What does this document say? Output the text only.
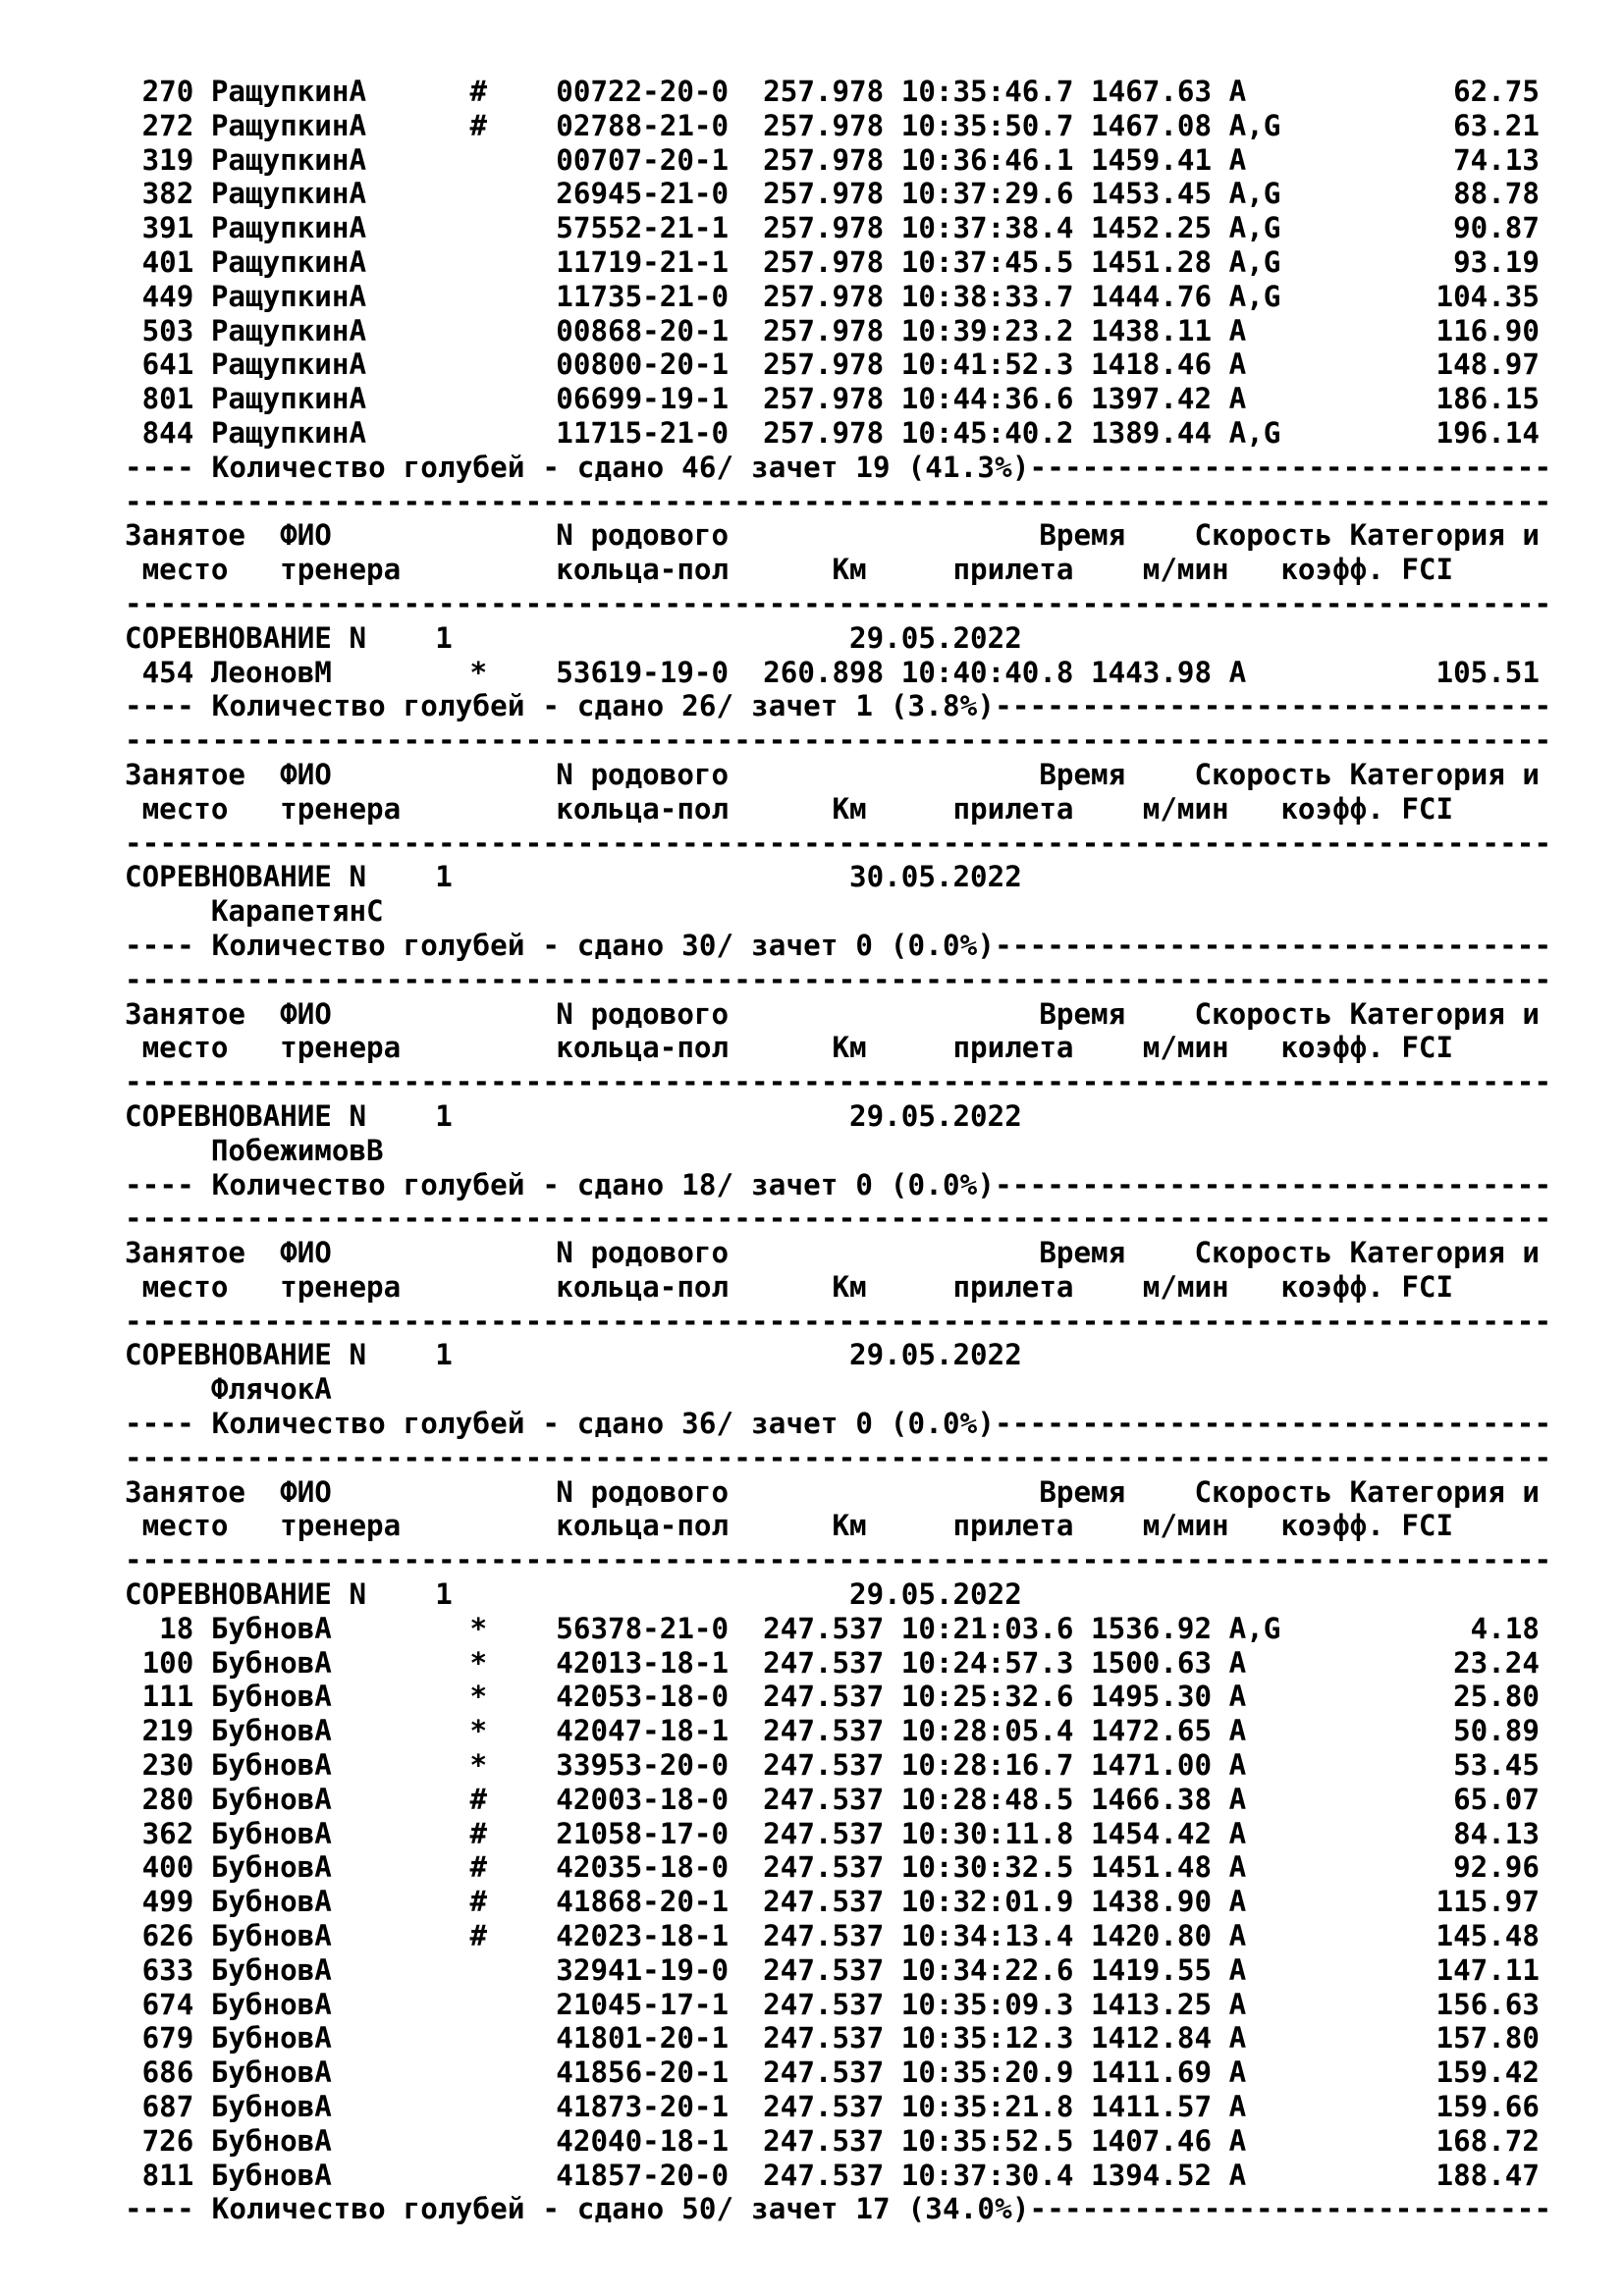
270 РащупкинА      #    00722-20-0  257.978 10:35:46.7 1467.63 A            62.75
272 РащупкинА      #    02788-21-0  257.978 10:35:50.7 1467.08 A,G          63.21
319 РащупкинА           00707-20-1  257.978 10:36:46.1 1459.41 A            74.13
382 РащупкинА           26945-21-0  257.978 10:37:29.6 1453.45 A,G          88.78
391 РащупкинА           57552-21-1  257.978 10:37:38.4 1452.25 A,G          90.87
401 РащупкинА           11719-21-1  257.978 10:37:45.5 1451.28 A,G          93.19
449 РащупкинА           11735-21-0  257.978 10:38:33.7 1444.76 A,G         104.35
503 РащупкинА           00868-20-1  257.978 10:39:23.2 1438.11 A           116.90
641 РащупкинА           00800-20-1  257.978 10:41:52.3 1418.46 A           148.97
801 РащупкинА           06699-19-1  257.978 10:44:36.6 1397.42 A           186.15
844 РащупкинА           11715-21-0  257.978 10:45:40.2 1389.44 A,G         196.14
---- Количество голубей - сдано 46/ зачет 19 (41.3%)------------------------------
----------------------------------------------------------------------------------
Занятое  ФИО             N родового                  Время    Скорость Категория и
место   тренера         кольца-пол      Км     прилета    м/мин   коэфф. FCI
----------------------------------------------------------------------------------
СОРЕВНОВАНИЕ N    1                       29.05.2022
454 ЛеоновМ        *    53619-19-0  260.898 10:40:40.8 1443.98 A           105.51
---- Количество голубей - сдано 26/ зачет 1 (3.8%)--------------------------------
----------------------------------------------------------------------------------
Занятое  ФИО             N родового                  Время    Скорость Категория и
место   тренера         кольца-пол      Км     прилета    м/мин   коэфф. FCI
----------------------------------------------------------------------------------
СОРЕВНОВАНИЕ N    1                       30.05.2022
КарапетянС
---- Количество голубей - сдано 30/ зачет 0 (0.0%)--------------------------------
----------------------------------------------------------------------------------
Занятое  ФИО             N родового                  Время    Скорость Категория и
место   тренера         кольца-пол      Км     прилета    м/мин   коэфф. FCI
----------------------------------------------------------------------------------
СОРЕВНОВАНИЕ N    1                       29.05.2022
ПобежимовВ
---- Количество голубей - сдано 18/ зачет 0 (0.0%)--------------------------------
----------------------------------------------------------------------------------
Занятое  ФИО             N родового                  Время    Скорость Категория и
место   тренера         кольца-пол      Км     прилета    м/мин   коэфф. FCI
----------------------------------------------------------------------------------
СОРЕВНОВАНИЕ N    1                       29.05.2022
ФлячокА
---- Количество голубей - сдано 36/ зачет 0 (0.0%)--------------------------------
----------------------------------------------------------------------------------
Занятое  ФИО             N родового                  Время    Скорость Категория и
место   тренера         кольца-пол      Км     прилета    м/мин   коэфф. FCI
----------------------------------------------------------------------------------
СОРЕВНОВАНИЕ N    1                       29.05.2022
18 БубновА        *    56378-21-0  247.537 10:21:03.6 1536.92 A,G           4.18
100 БубновА        *    42013-18-1  247.537 10:24:57.3 1500.63 A            23.24
111 БубновА        *    42053-18-0  247.537 10:25:32.6 1495.30 A            25.80
219 БубновА        *    42047-18-1  247.537 10:28:05.4 1472.65 A            50.89
230 БубновА        *    33953-20-0  247.537 10:28:16.7 1471.00 A            53.45
280 БубновА        #    42003-18-0  247.537 10:28:48.5 1466.38 A            65.07
362 БубновА        #    21058-17-0  247.537 10:30:11.8 1454.42 A            84.13
400 БубновА        #    42035-18-0  247.537 10:30:32.5 1451.48 A            92.96
499 БубновА        #    41868-20-1  247.537 10:32:01.9 1438.90 A           115.97
626 БубновА        #    42023-18-1  247.537 10:34:13.4 1420.80 A           145.48
633 БубновА             32941-19-0  247.537 10:34:22.6 1419.55 A           147.11
674 БубновА             21045-17-1  247.537 10:35:09.3 1413.25 A           156.63
679 БубновА             41801-20-1  247.537 10:35:12.3 1412.84 A           157.80
686 БубновА             41856-20-1  247.537 10:35:20.9 1411.69 A           159.42
687 БубновА             41873-20-1  247.537 10:35:21.8 1411.57 A           159.66
726 БубновА             42040-18-1  247.537 10:35:52.5 1407.46 A           168.72
811 БубновА             41857-20-0  247.537 10:37:30.4 1394.52 A           188.47
---- Количество голубей - сдано 50/ зачет 17 (34.0%)------------------------------
